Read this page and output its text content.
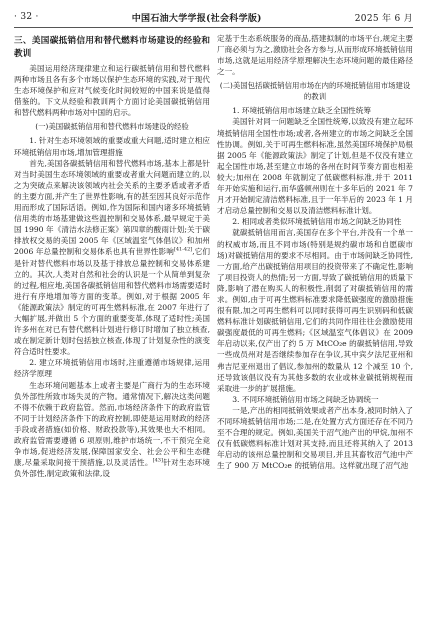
· 32 ·	中国石油大学学报(社会科学版)	2025 年 6 月

三、美国碳抵销信用和替代燃料市场建设的经验和教训

美国运用经济现律建立和运行碳抵销信用和替代燃料两种市场且各有多个市场以保护生态环境的实践,对于现代生态环境保护和应对气候变化时间较短的中国来说是值得借鉴的。下文从经验和教训两个方面讨论美国碳抵销信用和替代燃料两种市场对中国的启示。

(一)美国碳抵销信用和替代燃料市场建设的经验

1. 针对生态环境领域的重要或重大问题,适时建立相应环境抵销信用市场,增加管理措施

首先,美国各碳抵销信用和替代燃料市场,基本上都是针对当时美国生态环境领域的重要或者重大问题而建立的,以之为突破点来解决该领域内社会关系的主要矛盾或者矛盾的主要方面,并产生了世界性影响,有的甚至因其良好示范作用而形成了国际话语。例如,作为国际和国内诸多环境抵销信用类的市场基建做这些温控制和交易体系,最早规定于美国 1990 年《清洁水法修正案》第四章的酸雨计划;关于碳排放权交易的美国 2005 年《区域温室气体倡议》和加州 2006 年总量控制和交易体系也具有世界性影响[41-42],它们是针对替代燃料市场以及基于排放总量控制和交易体系建立的。其次,人类对自然和社会的认识是一个从简单到复杂的过程,相应地,美国各碳抵销信用和替代燃料市场需要适时进行有序地增加等方面的变革。例如,对于根据 2005 年《能源政策法》制定的可再生燃料标准,在 2007 年进行了大幅扩展,并做出 5 个方面的重要变革,体现了适时性;美国许多州在对已有替代燃料计划进行修订时增加了独立核查,或在制定新计划时包括独立核查,体现了计划复杂性的演变符合适时性要求。

2. 建立环境抵销信用市场时,注重遵循市场规律,运用经济学原理

生态环境问题基本上或者主要是广商行为的生态环境负外部性所致市场失灵的产物。通常情况下,解决这类问题不得不依赖于政府监管。然而,市场经济条件下的政府监管不同于计划经济条件下的政府控制,即使是运用财政的经济手段或者措施(如价格、财政投款等),其效果也大不相同。政府监管需要遵循 6 项原则,维护市场统一,不干预完全竞争市场,促进经济发展,保障国家安全、社会公平和生态健康,尽量采取间接干预措施,以及灵活性。[43]针对生态环境负外部性,制定政策和法律,设

定基于生态系统服务的商品,搭建拟制的市场平台,规定主要厂商必须与为之,激励社会各方参与,从而形成环境抵销信用市场,这就是运用经济学原理解决生态环境问题的最佳路径之一。

(二)美国包括碳抵销信用市场在内的环境抵销信用市场建设的教训

1. 环境抵销信用市场建立缺乏全国性统筹

美国针对同一问题缺乏全国性统筹,以致没有建立起环境抵销信用全国性市场;或者,各州建立的市场之间缺乏全国性协调。例如,关于可再生燃料标准,虽然美国环境保护局根据 2005 年《能源政策法》制定了计划,但是不仅没有建立起全国性市场,甚至建立市场的各州在时间节奏方面也相差较大;加州在 2008 年就制定了低碳燃料标准,并于 2011 年开始实施和运行,而华盛顿州则在十多年后的 2021 年 7 月才开始制定清洁燃料标准,且于一年半后的 2023 年 1 月才启动总量控制和交易以及清洁燃料标准计划。

2. 相同或者类似环境抵销信用市场之间缺乏协同性

就碳抵销信用而言,美国存在多个平台,并没有一个单一的权威市场,而且不同市场(特别是规约碳市场和自愿碳市场)对碳抵销信用的要求不尽相同。由于市场间缺乏协同性,一方面,给产出碳抵销信用项目的投资带来了不确定性,影响了项目投资人的热情;另一方面,导致了碳抵销信用的质量下降,影响了潜在购买人的积极性,削弱了对碳抵销信用的需求。例如,由于可再生燃料标准要求降低碳强度的激励措施很有限,加之可再生燃料可以同时获得可再生识别码和低碳燃料标准计划碳抵销信用,它们的共同作用往往会激励使用碳强度最低的可再生燃料;《区域温室气体倡议》在 2009 年启动以来,仅产出了约 5 万 MtCO₂e 的碳抵销信用,导致一些成员州对是否继续参加存在争议,其中宾夕法尼亚州和弗吉尼亚州退出了倡议,参加州的数量从 12 个减至 10 个,还导致该倡议没有为其他多数的农业或林业碳抵销规程而采取进一步的扩展措施。

3. 不同环境抵销信用市场之间缺乏协调统一

一是,产出的相同抵销效果或者产出本身,被同时纳入了不同环境抵销信用市场;二是,在处置方式方面还存在不同乃至不合理的规定。例如,美国关于沼气池产出的甲烷,加州不仅有低碳燃料标准计划对其支持,而且还将其纳入了 2013 年启动的该州总量控制和交易项目,并且其畜牧沼气池中产生了 900 万 MtCO₂e 的抵销信用。这样就出现了沼气池
